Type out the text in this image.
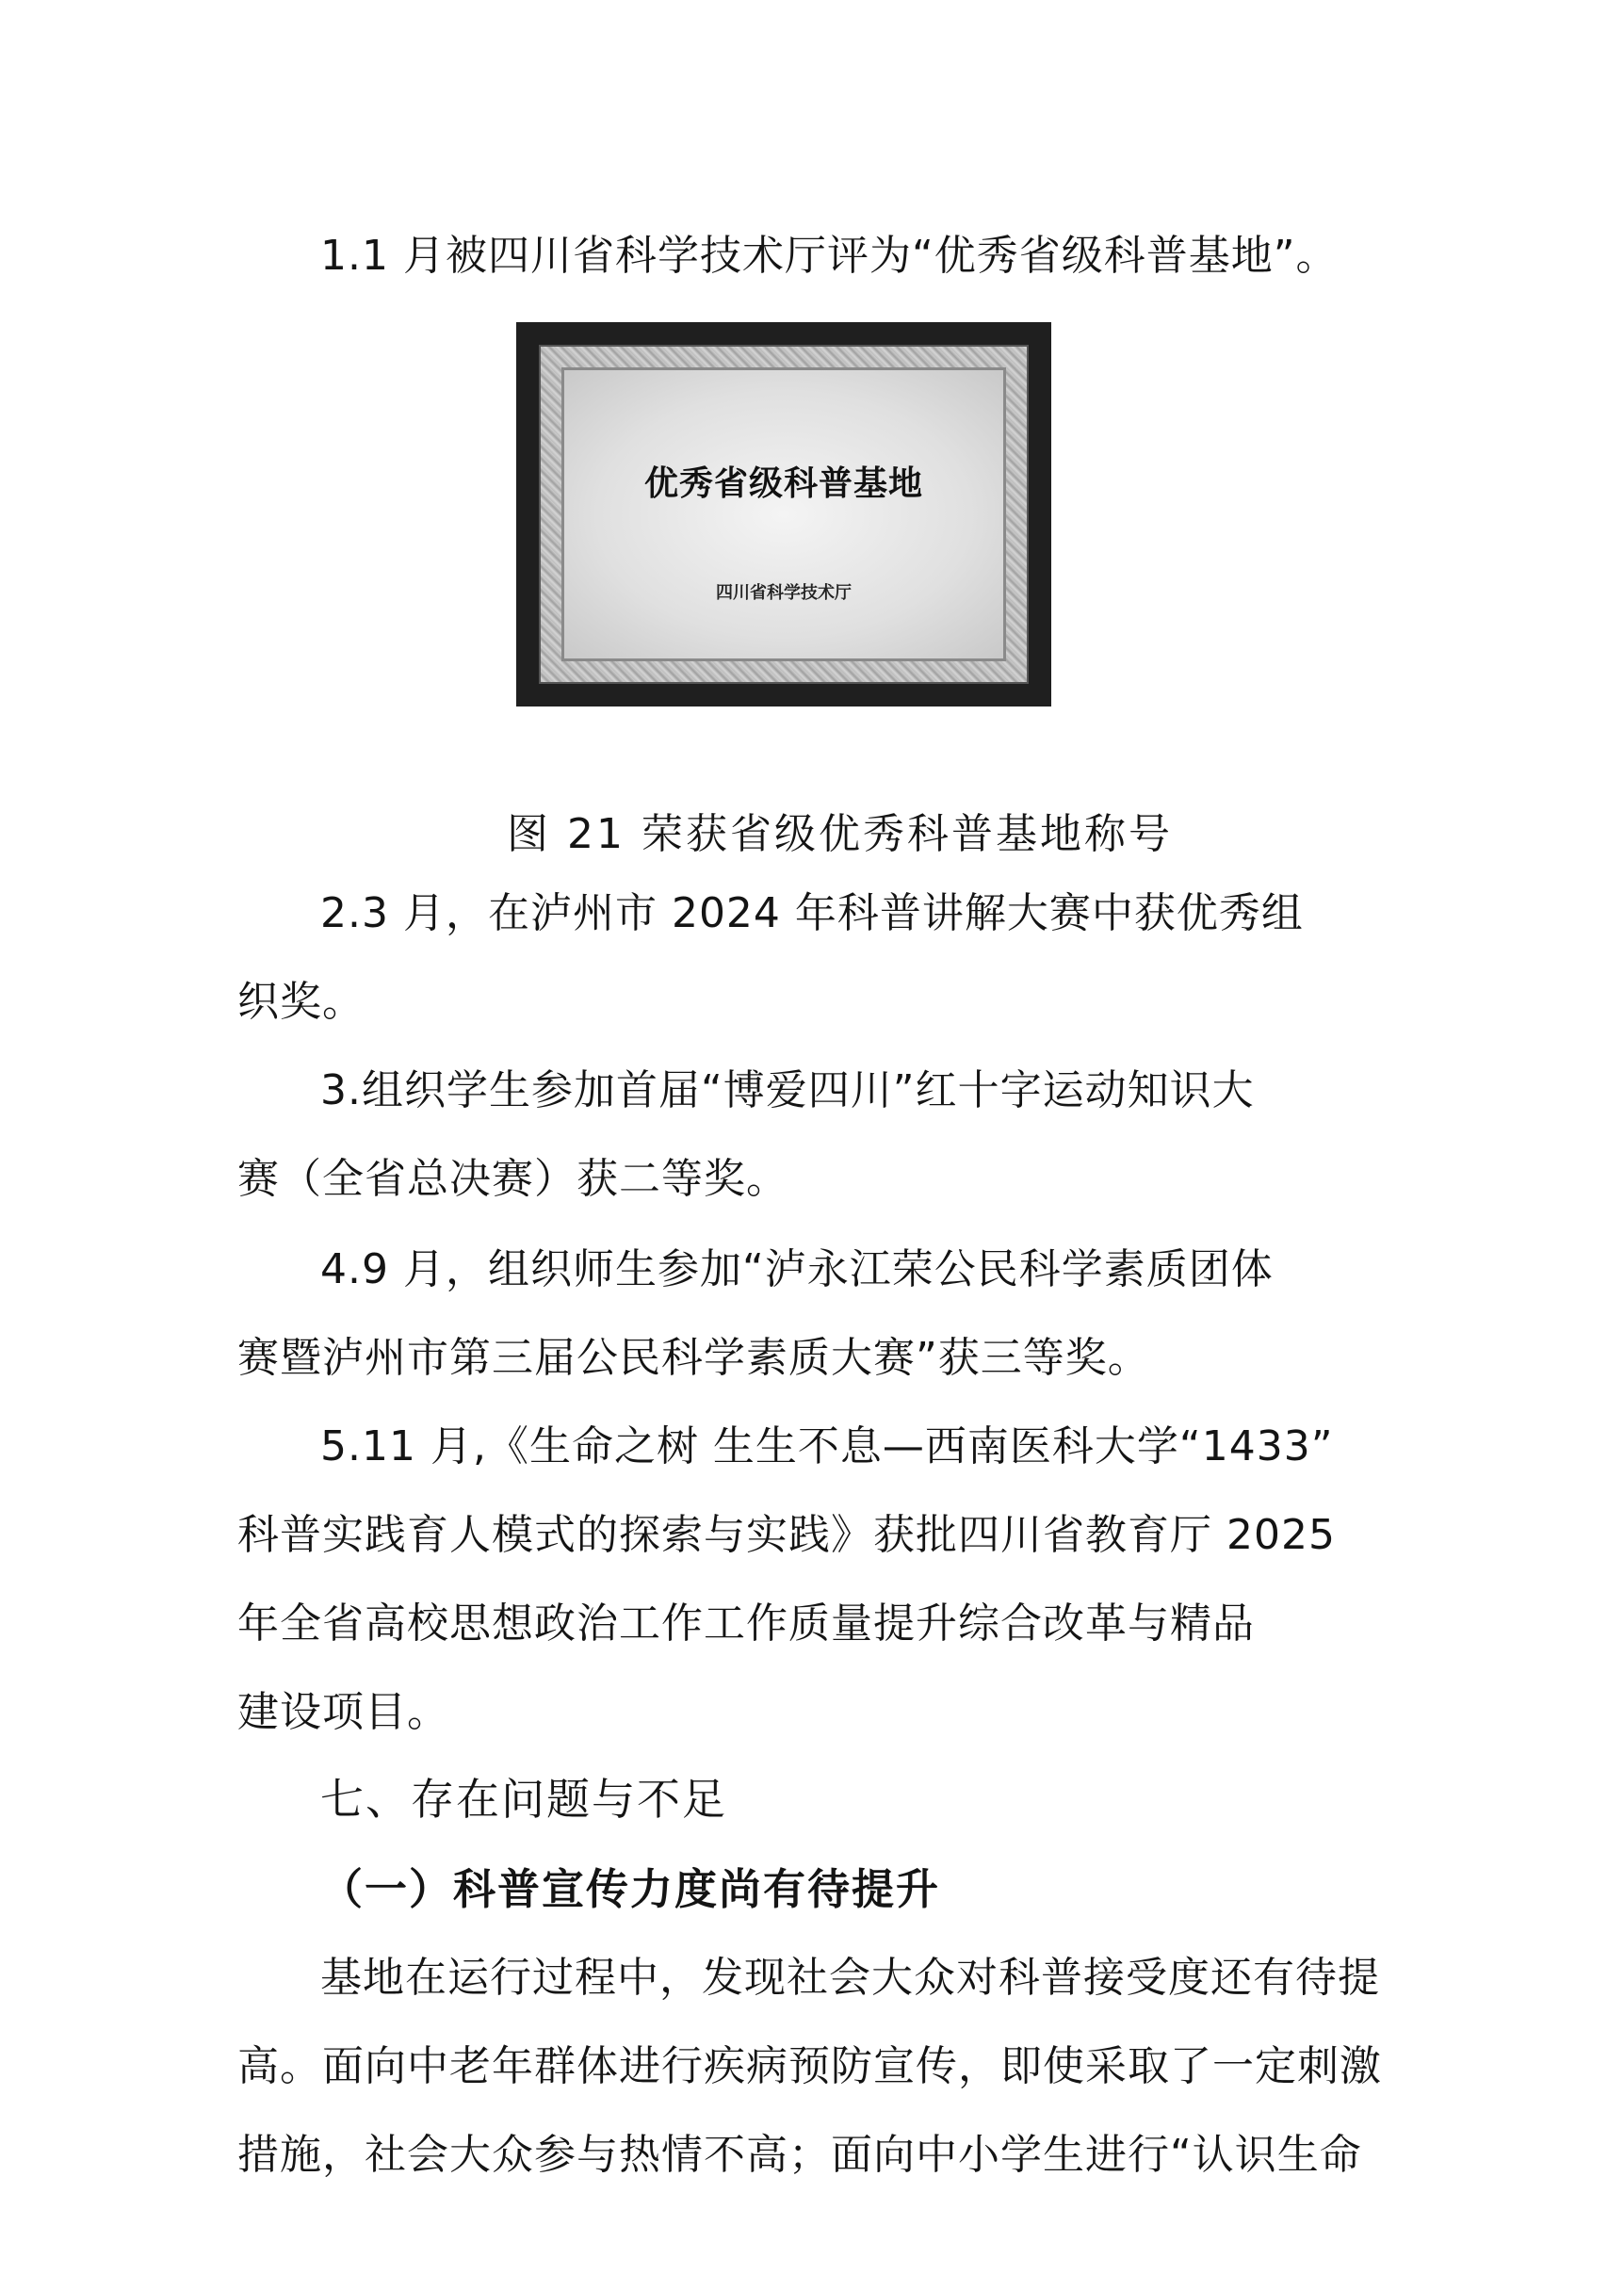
1.1 月被四川省科学技术厅评为“优秀省级科普基地”。

优秀省级科普基地
四川省科学技术厅

图 21 荣获省级优秀科普基地称号

2.3 月，在泸州市 2024 年科普讲解大赛中获优秀组

织奖。

3.组织学生参加首届“博爱四川”红十字运动知识大

赛（全省总决赛）获二等奖。

4.9 月，组织师生参加“泸永江荣公民科学素质团体

赛暨泸州市第三届公民科学素质大赛”获三等奖。

5.11 月,《生命之树 生生不息—西南医科大学“1433”

科普实践育人模式的探索与实践》获批四川省教育厅 2025

年全省高校思想政治工作工作质量提升综合改革与精品

建设项目。

七、存在问题与不足

（一）科普宣传力度尚有待提升

基地在运行过程中，发现社会大众对科普接受度还有待提

高。面向中老年群体进行疾病预防宣传，即使采取了一定刺激

措施，社会大众参与热情不高；面向中小学生进行“认识生命
